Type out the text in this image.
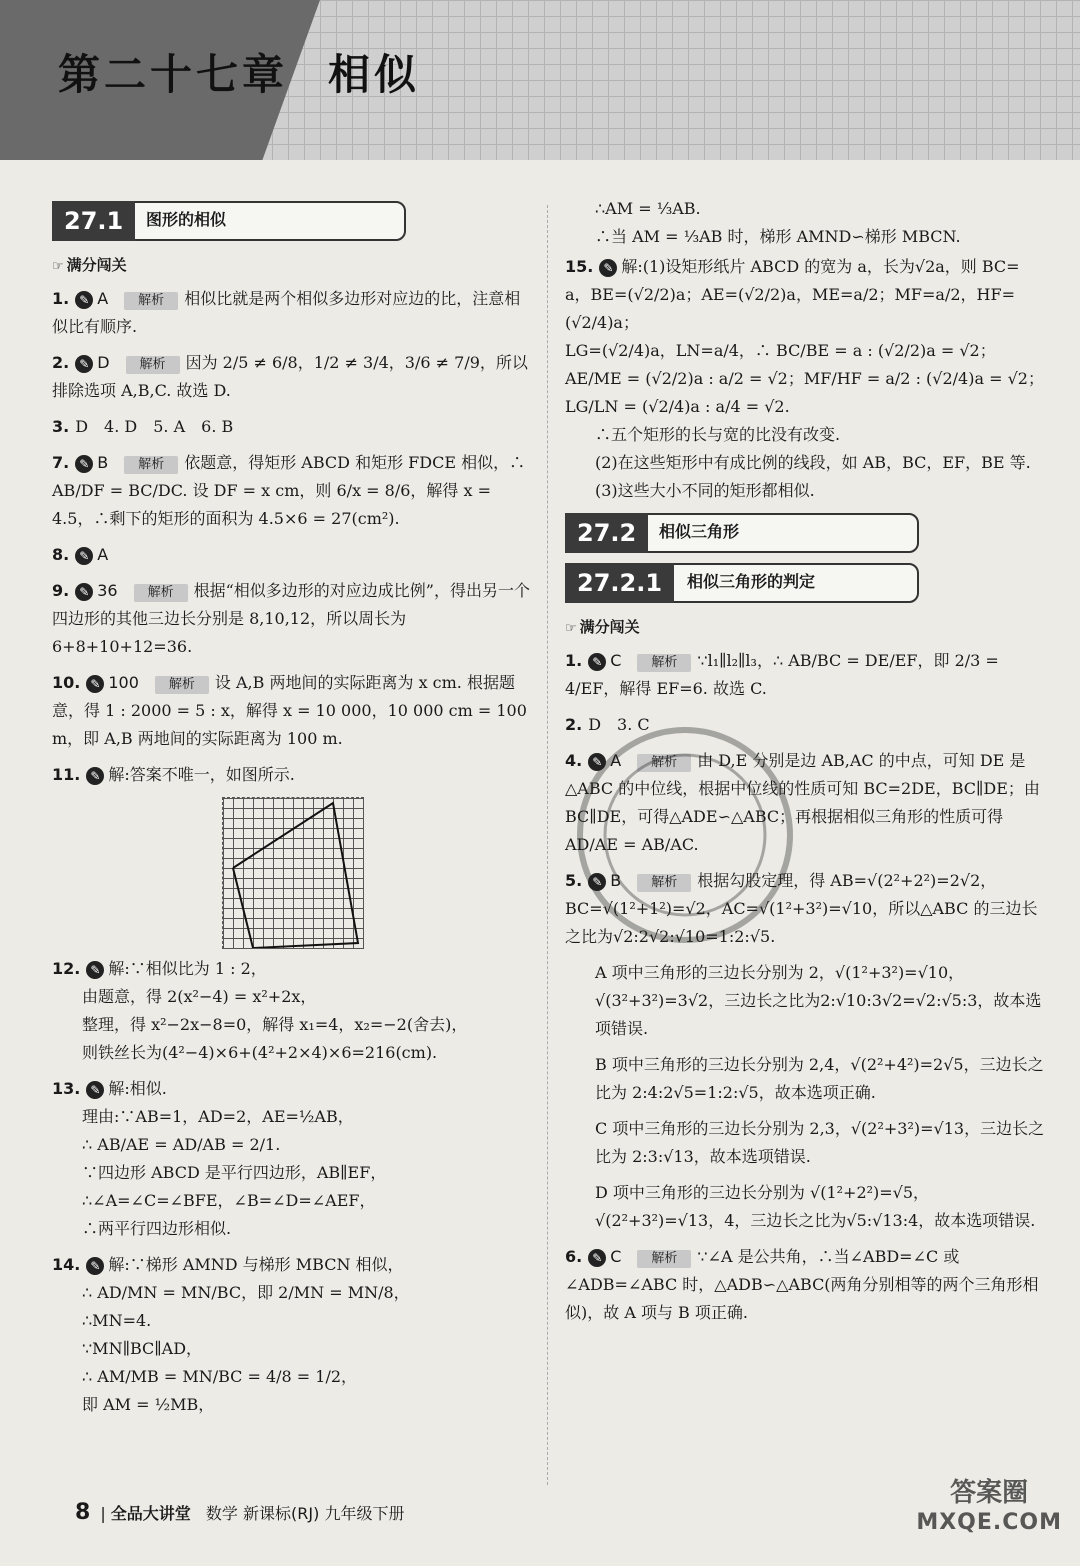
第二十七章 相似
27.1	图形的相似
☞ 满分闯关
1. ✎ A 解析 相似比就是两个相似多边形对应边的比，注意相似比有顺序.
2. ✎ D 解析 因为 2/5 ≠ 6/8，1/2 ≠ 3/4，3/6 ≠ 7/9，所以排除选项 A,B,C. 故选 D.
3. D　4. D　5. A　6. B
7. ✎ B 解析 依题意，得矩形 ABCD 和矩形 FDCE 相似，∴ AB/DF = BC/DC. 设 DF = x cm，则 6/x = 8/6，解得 x = 4.5，∴剩下的矩形的面积为 4.5×6 = 27(cm²).
8. ✎ A
9. ✎ 36 解析 根据“相似多边形的对应边成比例”，得出另一个四边形的其他三边长分别是 8,10,12，所以周长为 6+8+10+12=36.
10. ✎ 100 解析 设 A,B 两地间的实际距离为 x cm. 根据题意，得 1 : 2000 = 5 : x，解得 x = 10 000，10 000 cm = 100 m，即 A,B 两地间的实际距离为 100 m.
11. ✎ 解:答案不唯一，如图所示.
12. ✎ 解:∵相似比为 1 : 2，
由题意，得 2(x²−4) = x²+2x，
整理，得 x²−2x−8=0，解得 x₁=4，x₂=−2(舍去)，
则铁丝长为(4²−4)×6+(4²+2×4)×6=216(cm).
13. ✎ 解:相似.
理由:∵AB=1，AD=2，AE=½AB，
∴ AB/AE = AD/AB = 2/1.
∵四边形 ABCD 是平行四边形，AB∥EF，
∴∠A=∠C=∠BFE，∠B=∠D=∠AEF，
∴两平行四边形相似.
14. ✎ 解:∵梯形 AMND 与梯形 MBCN 相似，
∴ AD/MN = MN/BC，即 2/MN = MN/8，
∴MN=4.
∵MN∥BC∥AD，
∴ AM/MB = MN/BC = 4/8 = 1/2，
即 AM = ½MB，
∴AM = ⅓AB.
∴当 AM = ⅓AB 时，梯形 AMND∽梯形 MBCN.
15. ✎ 解:(1)设矩形纸片 ABCD 的宽为 a，长为√2a，则 BC=
a，BE=(√2/2)a；AE=(√2/2)a，ME=a/2；MF=a/2，HF=(√2/4)a；
LG=(√2/4)a，LN=a/4，∴ BC/BE = a : (√2/2)a = √2；
AE/ME = (√2/2)a : a/2 = √2；MF/HF = a/2 : (√2/4)a = √2；
LG/LN = (√2/4)a : a/4 = √2.
∴五个矩形的长与宽的比没有改变.
(2)在这些矩形中有成比例的线段，如 AB，BC，EF，BE 等.
(3)这些大小不同的矩形都相似.
27.2	相似三角形
27.2.1	相似三角形的判定
☞ 满分闯关
1. ✎ C 解析 ∵l₁∥l₂∥l₃，∴ AB/BC = DE/EF，即 2/3 = 4/EF，解得 EF=6. 故选 C.
2. D　3. C
4. ✎ A 解析 由 D,E 分别是边 AB,AC 的中点，可知 DE 是△ABC 的中位线，根据中位线的性质可知 BC=2DE，BC∥DE；由 BC∥DE，可得△ADE∽△ABC；再根据相似三角形的性质可得 AD/AE = AB/AC.
5. ✎ B 解析 根据勾股定理，得 AB=√(2²+2²)=2√2，BC=√(1²+1²)=√2，AC=√(1²+3²)=√10，所以△ABC 的三边长之比为√2:2√2:√10=1:2:√5.
A 项中三角形的三边长分别为 2，√(1²+3²)=√10，√(3²+3²)=3√2，三边长之比为2:√10:3√2=√2:√5:3，故本选项错误.
B 项中三角形的三边长分别为 2,4，√(2²+4²)=2√5，三边长之比为 2:4:2√5=1:2:√5，故本选项正确.
C 项中三角形的三边长分别为 2,3，√(2²+3²)=√13，三边长之比为 2:3:√13，故本选项错误.
D 项中三角形的三边长分别为 √(1²+2²)=√5，√(2²+3²)=√13，4，三边长之比为√5:√13:4，故本选项错误.
6. ✎ C 解析 ∵∠A 是公共角，∴当∠ABD=∠C 或∠ADB=∠ABC 时，△ADB∽△ABC(两角分别相等的两个三角形相似)，故 A 项与 B 项正确.
8 | 全品大讲堂 数学 新课标(RJ) 九年级下册
答案圈
MXQE.COM
